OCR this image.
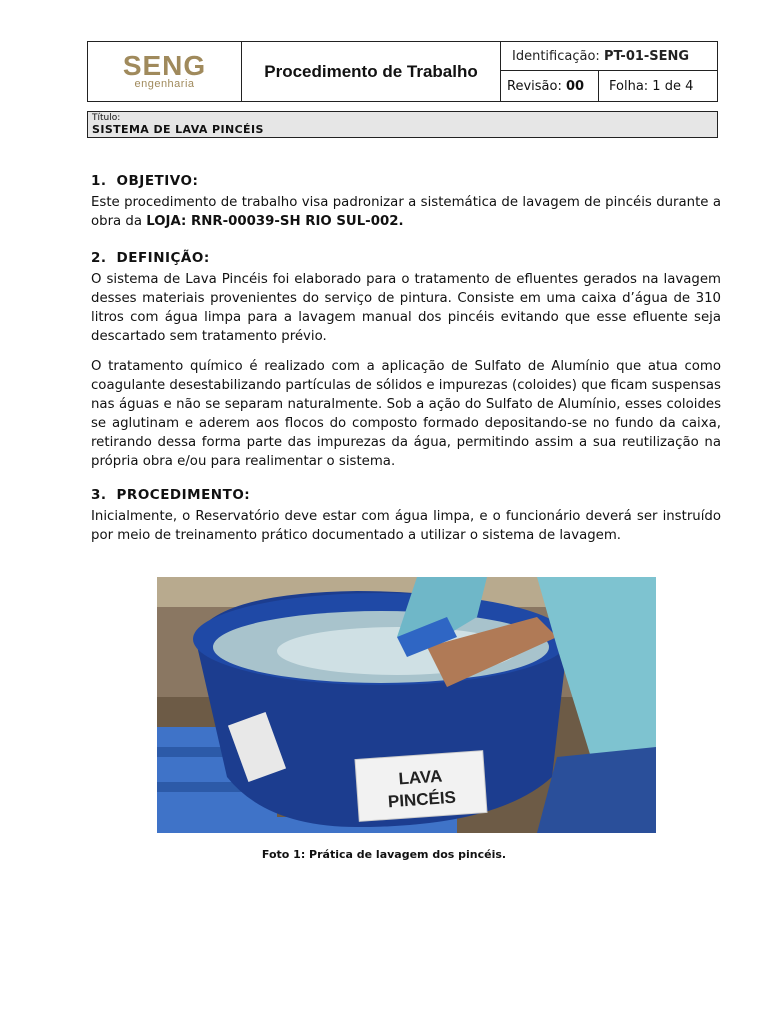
SENG
engenharia
Procedimento de Trabalho
Identificação:
PT-01-SENG
Revisão:
00	Folha: 1 de 4
Título:
SISTEMA DE LAVA PINCÉIS
1. OBJETIVO:

Este procedimento de trabalho visa padronizar a sistemática de lavagem de pincéis durante a obra da LOJA: RNR-00039-SH RIO SUL-002.

2. DEFINIÇÃO:

O sistema de Lava Pincéis foi elaborado para o tratamento de efluentes gerados na lavagem desses materiais provenientes do serviço de pintura. Consiste em uma caixa d’água de 310 litros com água limpa para a lavagem manual dos pincéis evitando que esse efluente seja descartado sem tratamento prévio.

O tratamento químico é realizado com a aplicação de Sulfato de Alumínio que atua como coagulante desestabilizando partículas de sólidos e impurezas (coloides) que ficam suspensas nas águas e não se separam naturalmente. Sob a ação do Sulfato de Alumínio, esses coloides se aglutinam e aderem aos flocos do composto formado depositando-se no fundo da caixa, retirando dessa forma parte das impurezas da água, permitindo assim a sua reutilização na própria obra e/ou para realimentar o sistema.

3. PROCEDIMENTO:

Inicialmente, o Reservatório deve estar com água limpa, e o funcionário deverá ser instruído por meio de treinamento prático documentado a utilizar o sistema de lavagem.

LAVA
PINCÉIS
Foto 1: Prática de lavagem dos pincéis.
